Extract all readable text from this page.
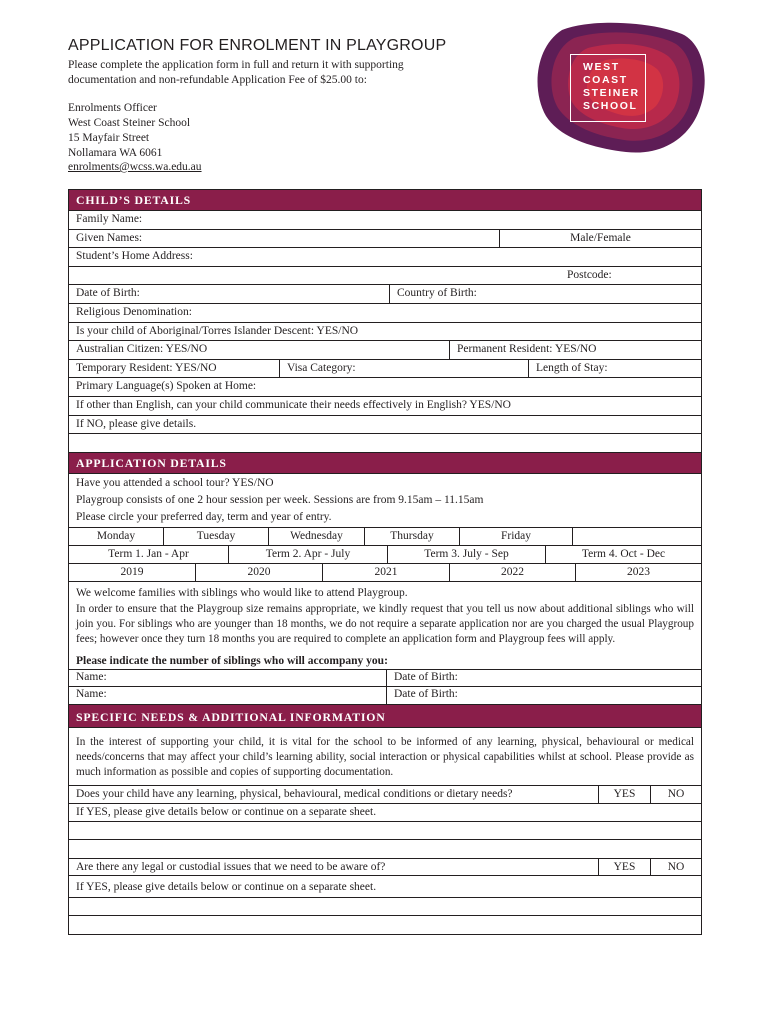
APPLICATION FOR ENROLMENT IN PLAYGROUP
Please complete the application form in full and return it with supporting
documentation and non-refundable Application Fee of $25.00 to:
Enrolments Officer
West Coast Steiner School
15 Mayfair Street
Nollamara WA 6061
enrolments@wcss.wa.edu.au
WEST
COAST
STEINER
SCHOOL
CHILD’S DETAILS
Family Name:
Given Names:	Male/Female
Student’s Home Address:
Postcode:
Date of Birth:	Country of Birth:
Religious Denomination:
Is your child of Aboriginal/Torres Islander Descent: YES/NO
Australian Citizen: YES/NO	Permanent Resident: YES/NO
Temporary Resident: YES/NO	Visa Category:	Length of Stay:
Primary Language(s) Spoken at Home:
If other than English, can your child communicate their needs effectively in English? YES/NO
If NO, please give details.
APPLICATION DETAILS
Have you attended a school tour? YES/NO
Playgroup consists of one 2 hour session per week. Sessions are from 9.15am – 11.15am
Please circle your preferred day, term and year of entry.
Monday	Tuesday	Wednesday	Thursday	Friday
Term 1. Jan - Apr	Term 2. Apr - July	Term 3. July - Sep	Term 4. Oct - Dec
2019	2020	2021	2022	2023
We welcome families with siblings who would like to attend Playgroup.
In order to ensure that the Playgroup size remains appropriate, we kindly request that you tell us now about additional siblings who will join you. For siblings who are younger than 18 months, we do not require a separate application nor are you charged the usual Playgroup fees; however once they turn 18 months you are required to complete an application form and Playgroup fees will apply.
Please indicate the number of siblings who will accompany you:
Name:	Date of Birth:
Name:	Date of Birth:
SPECIFIC NEEDS & ADDITIONAL INFORMATION
In the interest of supporting your child, it is vital for the school to be informed of any learning, physical, behavioural or medical needs/concerns that may affect your child’s learning ability, social interaction or physical capabilities whilst at school. Please provide as much information as possible and copies of supporting documentation.
Does your child have any learning, physical, behavioural, medical conditions or dietary needs?	YES	NO
If YES, please give details below or continue on a separate sheet.
Are there any legal or custodial issues that we need to be aware of?	YES	NO
If YES, please give details below or continue on a separate sheet.
